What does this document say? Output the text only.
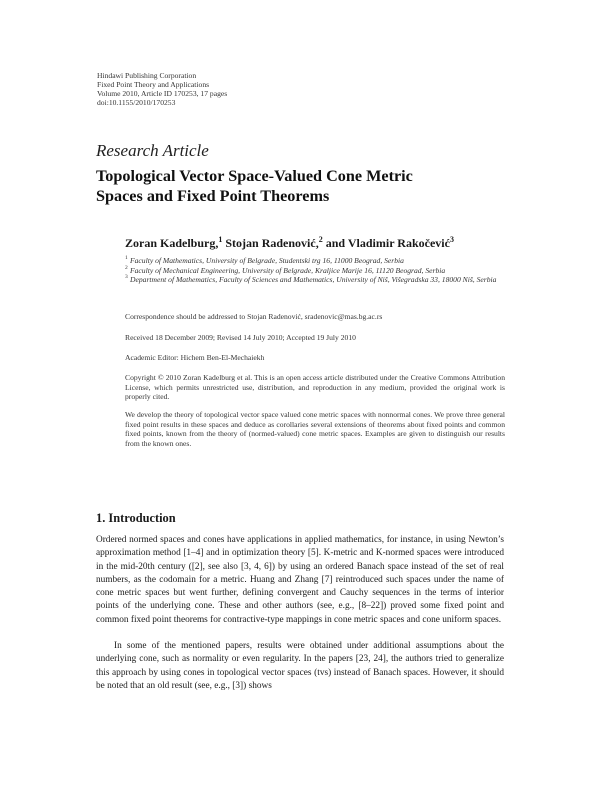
Hindawi Publishing Corporation
Fixed Point Theory and Applications
Volume 2010, Article ID 170253, 17 pages
doi:10.1155/2010/170253
Research Article
Topological Vector Space-Valued Cone Metric
Spaces and Fixed Point Theorems
Zoran Kadelburg,$^1$ Stojan Radenović,$^2$ and Vladimir Rakočević$^3$
1 Faculty of Mathematics, University of Belgrade, Studentski trg 16, 11000 Beograd, Serbia
2 Faculty of Mechanical Engineering, University of Belgrade, Kraljice Marije 16, 11120 Beograd, Serbia
3 Department of Mathematics, Faculty of Sciences and Mathematics, University of Niš, Višegradska 33, 18000 Niš, Serbia
Correspondence should be addressed to Stojan Radenović, sradenovic@mas.bg.ac.rs
Received 18 December 2009; Revised 14 July 2010; Accepted 19 July 2010
Academic Editor: Hichem Ben-El-Mechaiekh
Copyright © 2010 Zoran Kadelburg et al. This is an open access article distributed under the Creative Commons Attribution License, which permits unrestricted use, distribution, and reproduction in any medium, provided the original work is properly cited.
We develop the theory of topological vector space valued cone metric spaces with nonnormal cones. We prove three general fixed point results in these spaces and deduce as corollaries several extensions of theorems about fixed points and common fixed points, known from the theory of (normed-valued) cone metric spaces. Examples are given to distinguish our results from the known ones.
1. Introduction
Ordered normed spaces and cones have applications in applied mathematics, for instance, in using Newton’s approximation method [1–4] and in optimization theory [5]. K-metric and K-normed spaces were introduced in the mid-20th century ([2], see also [3, 4, 6]) by using an ordered Banach space instead of the set of real numbers, as the codomain for a metric. Huang and Zhang [7] reintroduced such spaces under the name of cone metric spaces but went further, defining convergent and Cauchy sequences in the terms of interior points of the underlying cone. These and other authors (see, e.g., [8–22]) proved some fixed point and common fixed point theorems for contractive-type mappings in cone metric spaces and cone uniform spaces.
In some of the mentioned papers, results were obtained under additional assumptions about the underlying cone, such as normality or even regularity. In the papers [23, 24], the authors tried to generalize this approach by using cones in topological vector spaces (tvs) instead of Banach spaces. However, it should be noted that an old result (see, e.g., [3]) shows
